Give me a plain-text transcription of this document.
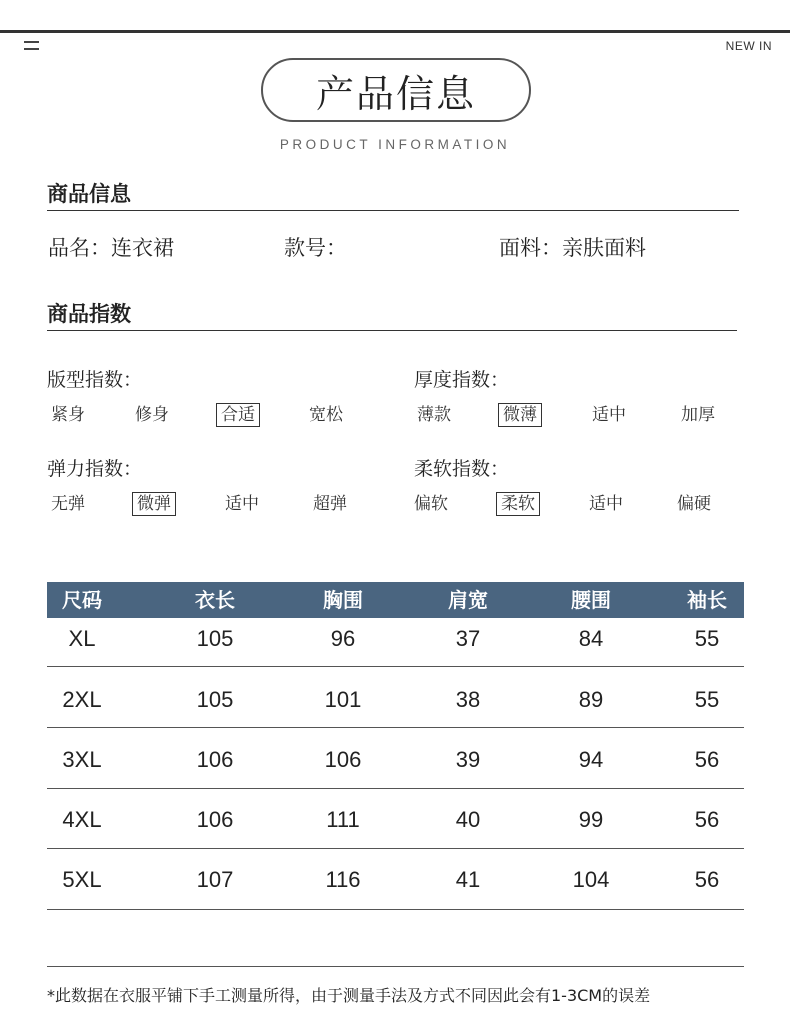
NEW IN
产品信息
PRODUCT INFORMATION
商品信息
品名：连衣裙	款号：	面料：亲肤面料
商品指数
版型指数：
紧身	修身	合适	宽松
厚度指数：
薄款	微薄	适中	加厚
弹力指数：
无弹	微弹	适中	超弹
柔软指数：
偏软	柔软	适中	偏硬
尺码	衣长	胸围	肩宽	腰围	袖长
XL	105	96	37	84	55
2XL	105	101	38	89	55
3XL	106	106	39	94	56
4XL	106	111	40	99	56
5XL	107	116	41	104	56
*此数据在衣服平铺下手工测量所得，由于测量手法及方式不同因此会有1-3CM的误差
